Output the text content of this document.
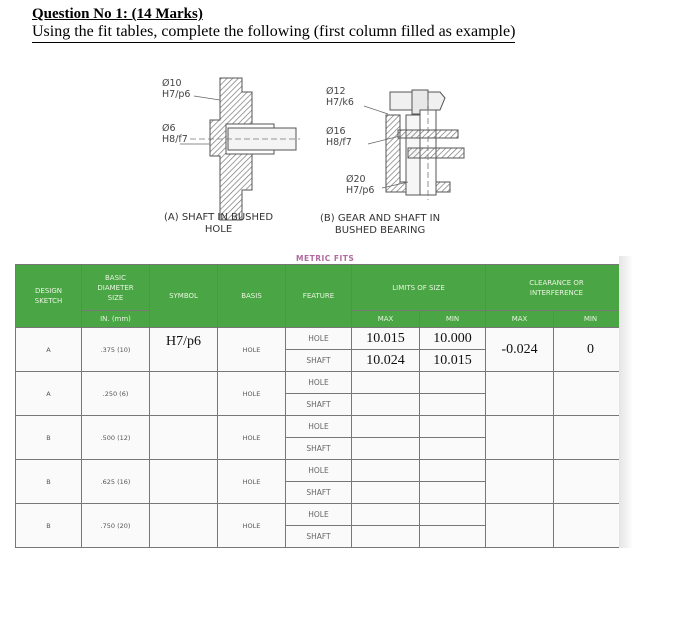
Question No 1: (14 Marks)
Using the fit tables, complete the following (first column filled as example)
Ø10
H7/p6
Ø6
H8/f7
Ø12
H7/k6
Ø16
H8/f7
Ø20
H7/p6
(A) SHAFT IN BUSHED
HOLE
(B) GEAR AND SHAFT IN
BUSHED BEARING
METRIC FITS
DESIGN
SKETCH	BASIC
DIAMETER
SIZE	SYMBOL	BASIS	FEATURE	LIMITS OF SIZE		CLEARANCE OR
INTERFERENCE	
	IN. (mm)				MAX	MIN	MAX	MIN
A	.375 (10)	H7/p6	HOLE	HOLE	10.015	10.000	-0.024	0
				SHAFT	10.024	10.015		
A	.250 (6)		HOLE	HOLE				
				SHAFT				
B	.500 (12)		HOLE	HOLE				
				SHAFT				
B	.625 (16)		HOLE	HOLE				
				SHAFT				
B	.750 (20)		HOLE	HOLE				
				SHAFT				
